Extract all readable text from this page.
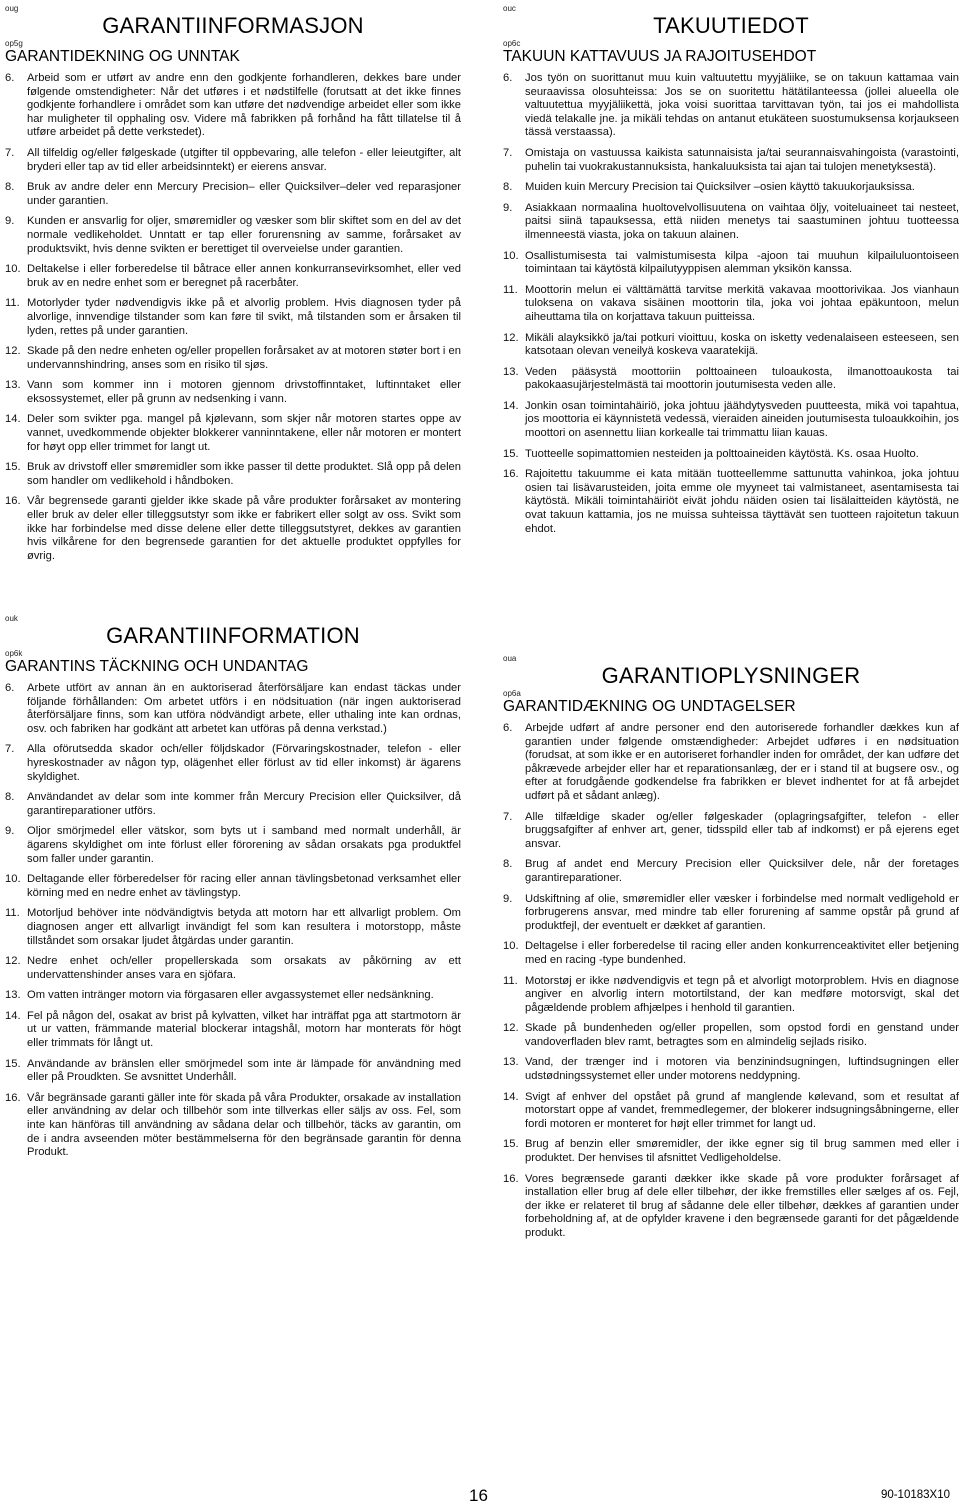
oug
GARANTIINFORMASJON
op5g
GARANTIDEKNING OG UNNTAK
6.	Arbeid som er utført av andre enn den godkjente forhandleren, dekkes bare under følgende omstendigheter: Når det utføres i et nødstilfelle (forutsatt at det ikke finnes godkjente forhandlere i området som kan utføre det nødvendige arbeidet eller som ikke har muligheter til opphaling osv. Videre må fabrikken på forhånd ha fått tillatelse til å utføre arbeidet på dette verkstedet).
7.	All tilfeldig og/eller følgeskade (utgifter til oppbevaring, alle telefon - eller leieutgifter, alt bryderi eller tap av tid eller arbeidsinntekt) er eierens ansvar.
8.	Bruk av andre deler enn Mercury Precision– eller Quicksilver–deler ved reparasjoner under garantien.
9.	Kunden er ansvarlig for oljer, smøremidler og væsker som blir skiftet som en del av det normale vedlikeholdet. Unntatt er tap eller forurensning av samme, forårsaket av produktsvikt, hvis denne svikten er berettiget til overveielse under garantien.
10. Deltakelse i eller forberedelse til båtrace eller annen konkurransevirksomhet, eller ved bruk av en nedre enhet som er beregnet på racerbåter.
11. Motorlyder tyder nødvendigvis ikke på et alvorlig problem. Hvis diagnosen tyder på alvorlige, innvendige tilstander som kan føre til svikt, må tilstanden som er årsaken til lyden, rettes på under garantien.
12. Skade på den nedre enheten og/eller propellen forårsaket av at motoren støter bort i en undervannshindring, anses som en risiko til sjøs.
13. Vann som kommer inn i motoren gjennom drivstoffinntaket, luftinntaket eller eksossystemet, eller på grunn av nedsenking i vann.
14. Deler som svikter pga. mangel på kjølevann, som skjer når motoren startes oppe av vannet, uvedkommende objekter blokkerer vanninntakene, eller når motoren er montert for høyt opp eller trimmet for langt ut.
15. Bruk av drivstoff eller smøremidler som ikke passer til dette produktet. Slå opp på delen som handler om vedlikehold i håndboken.
16. Vår begrensede garanti gjelder ikke skade på våre produkter forårsaket av montering eller bruk av deler eller tilleggsutstyr som ikke er fabrikert eller solgt av oss. Svikt som ikke har forbindelse med disse delene eller dette tilleggsutstyret, dekkes av garantien hvis vilkårene for den begrensede garantien for det aktuelle produktet oppfylles for øvrig.
ouk
GARANTIINFORMATION
op6k
GARANTINS TÄCKNING OCH UNDANTAG
6.	Arbete utfört av annan än en auktoriserad återförsäljare kan endast täckas under följande förhållanden: Om arbetet utförs i en nödsituation (när ingen auktoriserad återförsäljare finns, som kan utföra nödvändigt arbete, eller uthaling inte kan ordnas, osv. och fabriken har godkänt att arbetet kan utföras på denna verkstad.)
7.	Alla oförutsedda skador och/eller följdskador (Förvaringskostnader, telefon - eller hyreskostnader av någon typ, olägenhet eller förlust av tid eller inkomst) är ägarens skyldighet.
8.	Användandet av delar som inte kommer från Mercury Precision eller Quicksilver, då garantireparationer utförs.
9.	Oljor smörjmedel eller vätskor, som byts ut i samband med normalt underhåll, är ägarens skyldighet om inte förlust eller förorening av sådan orsakats pga produktfel som faller under garantin.
10. Deltagande eller förberedelser för racing eller annan tävlingsbetonad verksamhet eller körning med en nedre enhet av tävlingstyp.
11. Motorljud behöver inte nödvändigtvis betyda att motorn har ett allvarligt problem. Om diagnosen anger ett allvarligt invändigt fel som kan resultera i motorstopp, måste tillståndet som orsakar ljudet åtgärdas under garantin.
12. Nedre enhet och/eller propellerskada som orsakats av påkörning av ett undervattenshinder anses vara en sjöfara.
13. Om vatten intränger motorn via förgasaren eller avgassystemet eller nedsänkning.
14. Fel på någon del, osakat av brist på kylvatten, vilket har inträffat pga att startmotorn är ut ur vatten, främmande material blockerar intagshål, motorn har monterats för högt eller trimmats för långt ut.
15. Användande av bränslen eller smörjmedel som inte är lämpade för användning med eller på Proudkten. Se avsnittet Underhåll.
16. Vår begränsade garanti gäller inte för skada på våra Produkter, orsakade av installation eller användning av delar och tillbehör som inte tillverkas eller säljs av oss. Fel, som inte kan hänföras till användning av sådana delar och tillbehör, täcks av garantin, om de i andra avseenden möter bestämmelserna för den begränsade garantin för denna Produkt.
ouc
TAKUUTIEDOT
op6c
TAKUUN KATTAVUUS JA RAJOITUSEHDOT
6.	Jos työn on suorittanut muu kuin valtuutettu myyjäliike, se on takuun kattamaa vain seuraavissa olosuhteissa: Jos se on suoritettu hätätilanteessa (jollei alueella ole valtuutettua myyjäliikettä, joka voisi suorittaa tarvittavan työn, tai jos ei mahdollista viedä telakalle jne. ja mikäli tehdas on antanut etukäteen suostumuksensa korjaukseen tässä verstaassa).
7.	Omistaja on vastuussa kaikista satunnaisista ja/tai seurannaisvahingoista (varastointi, puhelin tai vuokrakustannuksista, hankaluuksista tai ajan tai tulojen menetyksestä).
8.	Muiden kuin Mercury Precision tai Quicksilver –osien käyttö takuukorjauksissa.
9.	Asiakkaan normaalina huoltovelvollisuutena on vaihtaa öljy, voiteluaineet tai nesteet, paitsi siinä tapauksessa, että niiden menetys tai saastuminen johtuu tuotteessa ilmenneestä viasta, joka on takuun alainen.
10. Osallistumisesta tai valmistumisesta kilpa -ajoon tai muuhun kilpailuluontoiseen toimintaan tai käytöstä kilpailutyyppisen alemman yksikön kanssa.
11. Moottorin melun ei välttämättä tarvitse merkitä vakavaa moottorivikaa. Jos vianhaun tuloksena on vakava sisäinen moottorin tila, joka voi johtaa epäkuntoon, melun aiheuttama tila on korjattava takuun puitteissa.
12. Mikäli alayksikkö ja/tai potkuri vioittuu, koska on isketty vedenalaiseen esteeseen, sen katsotaan olevan veneilyä koskeva vaaratekijä.
13. Veden pääsystä moottoriin polttoaineen tuloaukosta, ilmanottoaukosta tai pakokaasujärjestelmästä tai moottorin joutumisesta veden alle.
14. Jonkin osan toimintahäiriö, joka johtuu jäähdytysveden puutteesta, mikä voi tapahtua, jos moottoria ei käynnistetä vedessä, vieraiden aineiden joutumisesta tuloaukkoihin, jos moottori on asennettu liian korkealle tai trimmattu liian kauas.
15. Tuotteelle sopimattomien nesteiden ja polttoaineiden käytöstä. Ks. osaa Huolto.
16. Rajoitettu takuumme ei kata mitään tuotteellemme sattunutta vahinkoa, joka johtuu osien tai lisävarusteiden, joita emme ole myyneet tai valmistaneet, asentamisesta tai käytöstä. Mikäli toimintahäiriöt eivät johdu näiden osien tai lisälaitteiden käytöstä, ne ovat takuun kattamia, jos ne muissa suhteissa täyttävät sen tuotteen rajoitetun takuun ehdot.
oua
GARANTIOPLYSNINGER
op6a
GARANTIDÆKNING OG UNDTAGELSER
6.	Arbejde udført af andre personer end den autoriserede forhandler dækkes kun af garantien under følgende omstændigheder: Arbejdet udføres i en nødsituation (forudsat, at som ikke er en autoriseret forhandler inden for området, der kan udføre det påkrævede arbejder eller har et reparationsanlæg, der er i stand til at bugsere osv., og efter at forudgående godkendelse fra fabrikken er blevet indhentet for at få arbejdet udført på et sådant anlæg).
7.	Alle tilfældige skader og/eller følgeskader (oplagringsafgifter, telefon - eller bruggsafgifter af enhver art, gener, tidsspild eller tab af indkomst) er på ejerens eget ansvar.
8.	Brug af andet end Mercury Precision eller Quicksilver dele, når der foretages garantireparationer.
9.	Udskiftning af olie, smøremidler eller væsker i forbindelse med normalt vedligehold er forbrugerens ansvar, med mindre tab eller forurening af samme opstår på grund af produktfejl, der eventuelt er dækket af garantien.
10. Deltagelse i eller forberedelse til racing eller anden konkurrenceaktivitet eller betjening med en racing -type bundenhed.
11. Motorstøj er ikke nødvendigvis et tegn på et alvorligt motorproblem. Hvis en diagnose angiver en alvorlig intern motortilstand, der kan medføre motorsvigt, skal det pågældende problem afhjælpes i henhold til garantien.
12. Skade på bundenheden og/eller propellen, som opstod fordi en genstand under vandoverfladen blev ramt, betragtes som en almindelig sejlads risiko.
13. Vand, der trænger ind i motoren via benzinindsugningen, luftindsugningen eller udstødningssystemet eller under motorens neddypning.
14. Svigt af enhver del opstået på grund af manglende kølevand, som et resultat af motorstart oppe af vandet, fremmedlegemer, der blokerer indsugningsåbningerne, eller fordi motoren er monteret for højt eller trimmet for langt ud.
15. Brug af benzin eller smøremidler, der ikke egner sig til brug sammen med eller i produktet. Der henvises til afsnittet Vedligeholdelse.
16. Vores begrænsede garanti dækker ikke skade på vore produkter forårsaget af installation eller brug af dele eller tilbehør, der ikke fremstilles eller sælges af os. Fejl, der ikke er relateret til brug af sådanne dele eller tilbehør, dækkes af garantien under forbeholdning af, at de opfylder kravene i den begrænsede garanti for det pågældende produkt.
16	90-10183X10
